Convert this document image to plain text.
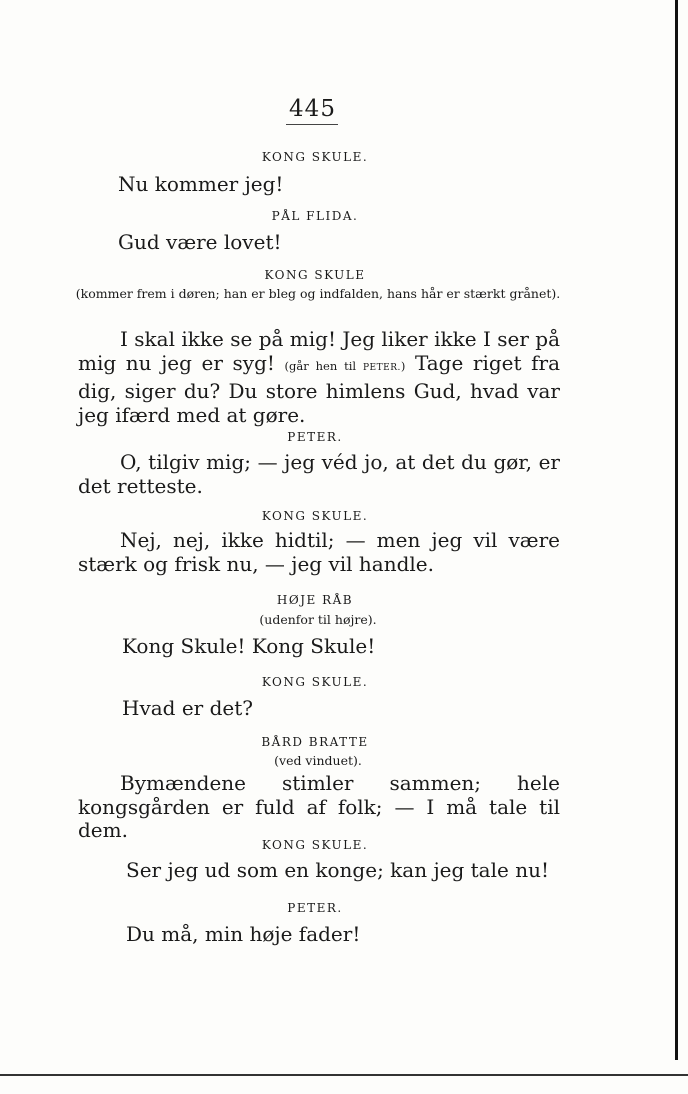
445
KONG SKULE.
Nu kommer jeg!
PÅL FLIDA.
Gud være lovet!
KONG SKULE
(kommer frem i døren; han er bleg og indfalden, hans hår er stærkt grånet).
I skal ikke se på mig! Jeg liker ikke I ser på mig nu jeg er syg! (går hen til PETER.) Tage riget fra dig, siger du? Du store himlens Gud, hvad var jeg ifærd med at gøre.
PETER.
O, tilgiv mig; — jeg véd jo, at det du gør, er det retteste.
KONG SKULE.
Nej, nej, ikke hidtil; — men jeg vil være stærk og frisk nu, — jeg vil handle.
HØJE RÅB
(udenfor til højre).
Kong Skule! Kong Skule!
KONG SKULE.
Hvad er det?
BÅRD BRATTE
(ved vinduet).
Bymændene stimler sammen; hele kongsgården er fuld af folk; — I må tale til dem.
KONG SKULE.
Ser jeg ud som en konge; kan jeg tale nu!
PETER.
Du må, min høje fader!
